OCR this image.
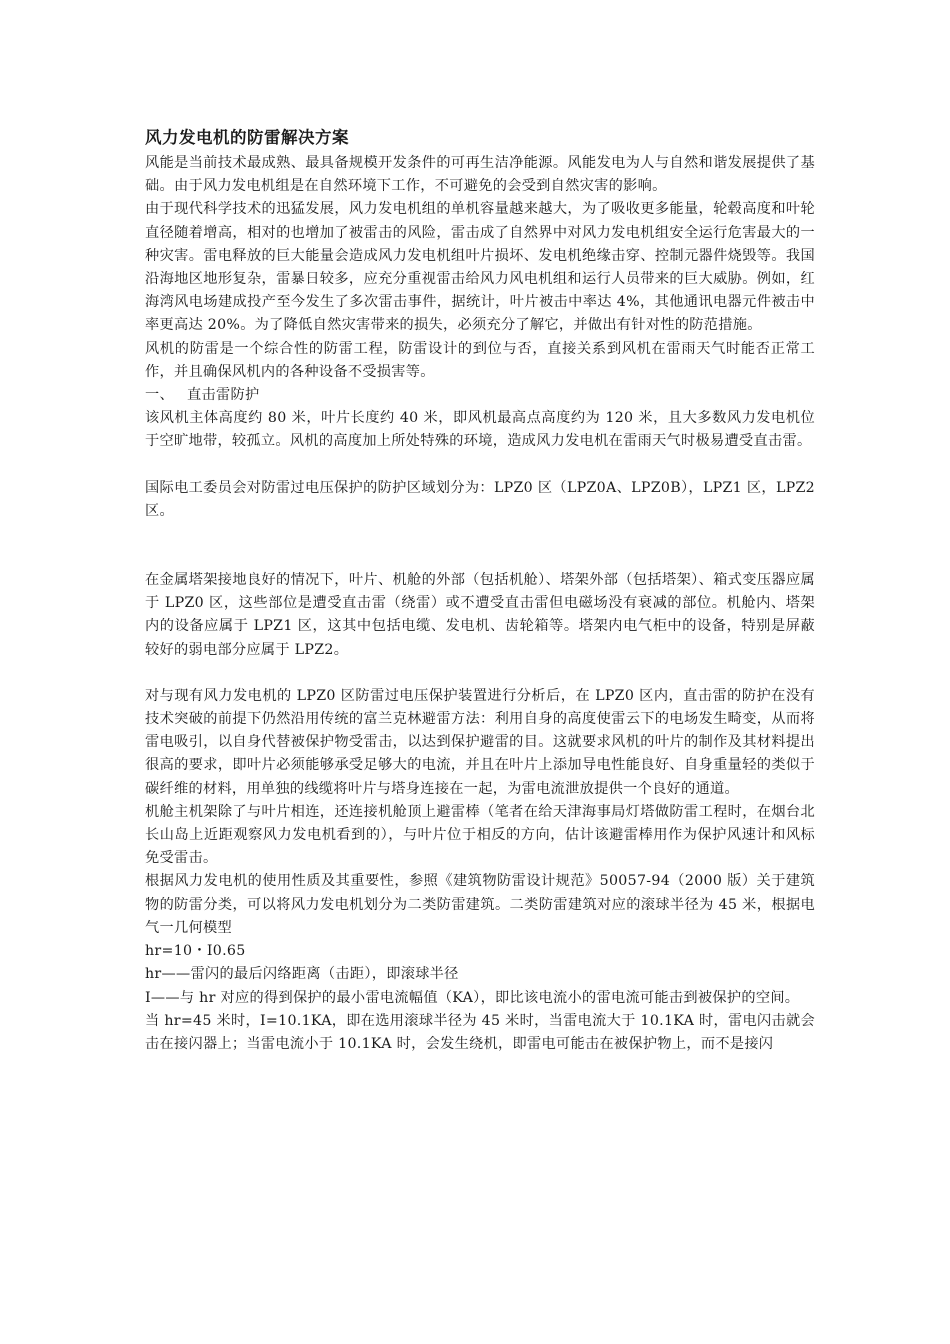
风力发电机的防雷解决方案

风能是当前技术最成熟、最具备规模开发条件的可再生洁净能源。风能发电为人与自然和谐发展提供了基础。由于风力发电机组是在自然环境下工作，不可避免的会受到自然灾害的影响。

由于现代科学技术的迅猛发展，风力发电机组的单机容量越来越大，为了吸收更多能量，轮毂高度和叶轮直径随着增高，相对的也增加了被雷击的风险，雷击成了自然界中对风力发电机组安全运行危害最大的一种灾害。雷电释放的巨大能量会造成风力发电机组叶片损坏、发电机绝缘击穿、控制元器件烧毁等。我国沿海地区地形复杂，雷暴日较多，应充分重视雷击给风力风电机组和运行人员带来的巨大威胁。例如，红海湾风电场建成投产至今发生了多次雷击事件，据统计，叶片被击中率达 4%，其他通讯电器元件被击中率更高达 20%。为了降低自然灾害带来的损失，必须充分了解它，并做出有针对性的防范措施。

风机的防雷是一个综合性的防雷工程，防雷设计的到位与否，直接关系到风机在雷雨天气时能否正常工作，并且确保风机内的各种设备不受损害等。

一、 直击雷防护

该风机主体高度约 80 米，叶片长度约 40 米，即风机最高点高度约为 120 米，且大多数风力发电机位于空旷地带，较孤立。风机的高度加上所处特殊的环境，造成风力发电机在雷雨天气时极易遭受直击雷。

国际电工委员会对防雷过电压保护的防护区域划分为：LPZ0 区（LPZ0A、LPZ0B），LPZ1 区，LPZ2 区。

在金属塔架接地良好的情况下，叶片、机舱的外部（包括机舱）、塔架外部（包括塔架）、箱式变压器应属于 LPZ0 区，这些部位是遭受直击雷（绕雷）或不遭受直击雷但电磁场没有衰减的部位。机舱内、塔架内的设备应属于 LPZ1 区，这其中包括电缆、发电机、齿轮箱等。塔架内电气柜中的设备，特别是屏蔽较好的弱电部分应属于 LPZ2。

对与现有风力发电机的 LPZ0 区防雷过电压保护装置进行分析后，在 LPZ0 区内，直击雷的防护在没有技术突破的前提下仍然沿用传统的富兰克林避雷方法：利用自身的高度使雷云下的电场发生畸变，从而将雷电吸引，以自身代替被保护物受雷击，以达到保护避雷的目。这就要求风机的叶片的制作及其材料提出很高的要求，即叶片必须能够承受足够大的电流，并且在叶片上添加导电性能良好、自身重量轻的类似于碳纤维的材料，用单独的线缆将叶片与塔身连接在一起，为雷电流泄放提供一个良好的通道。

机舱主机架除了与叶片相连，还连接机舱顶上避雷棒（笔者在给天津海事局灯塔做防雷工程时，在烟台北长山岛上近距观察风力发电机看到的），与叶片位于相反的方向，估计该避雷棒用作为保护风速计和风标免受雷击。

根据风力发电机的使用性质及其重要性，参照《建筑物防雷设计规范》50057-94（2000 版）关于建筑物的防雷分类，可以将风力发电机划分为二类防雷建筑。二类防雷建筑对应的滚球半径为 45 米，根据电气一几何模型

hr=10・I0.65

hr——雷闪的最后闪络距离（击距），即滚球半径

I——与 hr 对应的得到保护的最小雷电流幅值（KA），即比该电流小的雷电流可能击到被保护的空间。

当 hr=45 米时，I=10.1KA，即在选用滚球半径为 45 米时，当雷电流大于 10.1KA 时，雷电闪击就会击在接闪器上；当雷电流小于 10.1KA 时，会发生绕机，即雷电可能击在被保护物上，而不是接闪
